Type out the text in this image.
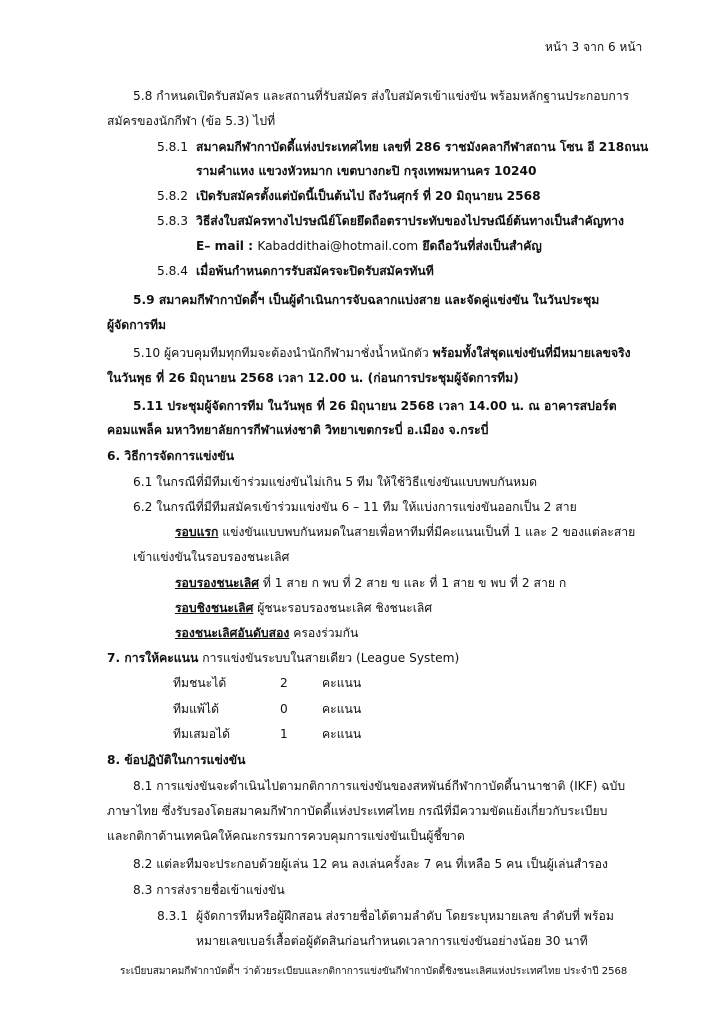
หน้า 3 จาก 6 หน้า
5.8 กำหนดเปิดรับสมัคร และสถานที่รับสมัคร ส่งใบสมัครเข้าแข่งขัน พร้อมหลักฐานประกอบการ
สมัครของนักกีฬา (ข้อ 5.3) ไปที่
5.8.1 สมาคมกีฬากาบัดดี้แห่งประเทศไทย เลขที่ 286 ราชมังคลากีฬาสถาน โซน อี 218ถนน
รามคำแหง แขวงหัวหมาก เขตบางกะปิ กรุงเทพมหานคร 10240
5.8.2 เปิดรับสมัครตั้งแต่บัดนี้เป็นต้นไป ถึงวันศุกร์ ที่ 20 มิถุนายน 2568
5.8.3 วิธีส่งใบสมัครทางไปรษณีย์โดยยึดถือตราประทับของไปรษณีย์ต้นทางเป็นสำคัญทาง
E– mail : Kabaddithai@hotmail.com ยึดถือวันที่ส่งเป็นสำคัญ
5.8.4 เมื่อพ้นกำหนดการรับสมัครจะปิดรับสมัครทันที
5.9 สมาคมกีฬากาบัดดี้ฯ เป็นผู้ดำเนินการจับฉลากแบ่งสาย และจัดคู่แข่งขัน ในวันประชุม
ผู้จัดการทีม
5.10 ผู้ควบคุมทีมทุกทีมจะต้องนำนักกีฬามาชั่งน้ำหนักตัว พร้อมทั้งใส่ชุดแข่งขันที่มีหมายเลขจริง
ในวันพุธ ที่ 26 มิถุนายน 2568 เวลา 12.00 น. (ก่อนการประชุมผู้จัดการทีม)
5.11 ประชุมผู้จัดการทีม ในวันพุธ ที่ 26 มิถุนายน 2568 เวลา 14.00 น. ณ อาคารสปอร์ต
คอมแพล็ค มหาวิทยาลัยการกีฬาแห่งชาติ วิทยาเขตกระบี่ อ.เมือง จ.กระบี่
6. วิธีการจัดการแข่งขัน
6.1 ในกรณีที่มีทีมเข้าร่วมแข่งขันไม่เกิน 5 ทีม ให้ใช้วิธีแข่งขันแบบพบกันหมด
6.2 ในกรณีที่มีทีมสมัครเข้าร่วมแข่งขัน 6 – 11 ทีม ให้แบ่งการแข่งขันออกเป็น 2 สาย
รอบแรก แข่งขันแบบพบกันหมดในสายเพื่อหาทีมที่มีคะแนนเป็นที่ 1 และ 2 ของแต่ละสาย
เข้าแข่งขันในรอบรองชนะเลิศ
รอบรองชนะเลิศ ที่ 1 สาย ก พบ ที่ 2 สาย ข และ ที่ 1 สาย ข พบ ที่ 2 สาย ก
รอบชิงชนะเลิศ ผู้ชนะรอบรองชนะเลิศ ชิงชนะเลิศ
รองชนะเลิศอันดับสอง ครองร่วมกัน
7. การให้คะแนน การแข่งขันระบบในสายเดียว (League System)
ทีมชนะได้	2	คะแนน
ทีมแพ้ได้	0	คะแนน
ทีมเสมอได้	1	คะแนน
8. ข้อปฏิบัติในการแข่งขัน
8.1 การแข่งขันจะดำเนินไปตามกติกาการแข่งขันของสหพันธ์กีฬากาบัดดี้นานาชาติ (IKF) ฉบับ
ภาษาไทย ซึ่งรับรองโดยสมาคมกีฬากาบัดดี้แห่งประเทศไทย กรณีที่มีความขัดแย้งเกี่ยวกับระเบียบ
และกติกาด้านเทคนิคให้คณะกรรมการควบคุมการแข่งขันเป็นผู้ชี้ขาด
8.2 แต่ละทีมจะประกอบด้วยผู้เล่น 12 คน ลงเล่นครั้งละ 7 คน ที่เหลือ 5 คน เป็นผู้เล่นสำรอง
8.3 การส่งรายชื่อเข้าแข่งขัน
8.3.1 ผู้จัดการทีมหรือผู้ฝึกสอน ส่งรายชื่อได้ตามลำดับ โดยระบุหมายเลข ลำดับที่ พร้อม
หมายเลขเบอร์เสื้อต่อผู้ตัดสินก่อนกำหนดเวลาการแข่งขันอย่างน้อย 30 นาที
ระเบียบสมาคมกีฬากาบัดดี้ฯ ว่าด้วยระเบียบและกติกาการแข่งขันกีฬากาบัดดี้ชิงชนะเลิศแห่งประเทศไทย ประจำปี 2568
